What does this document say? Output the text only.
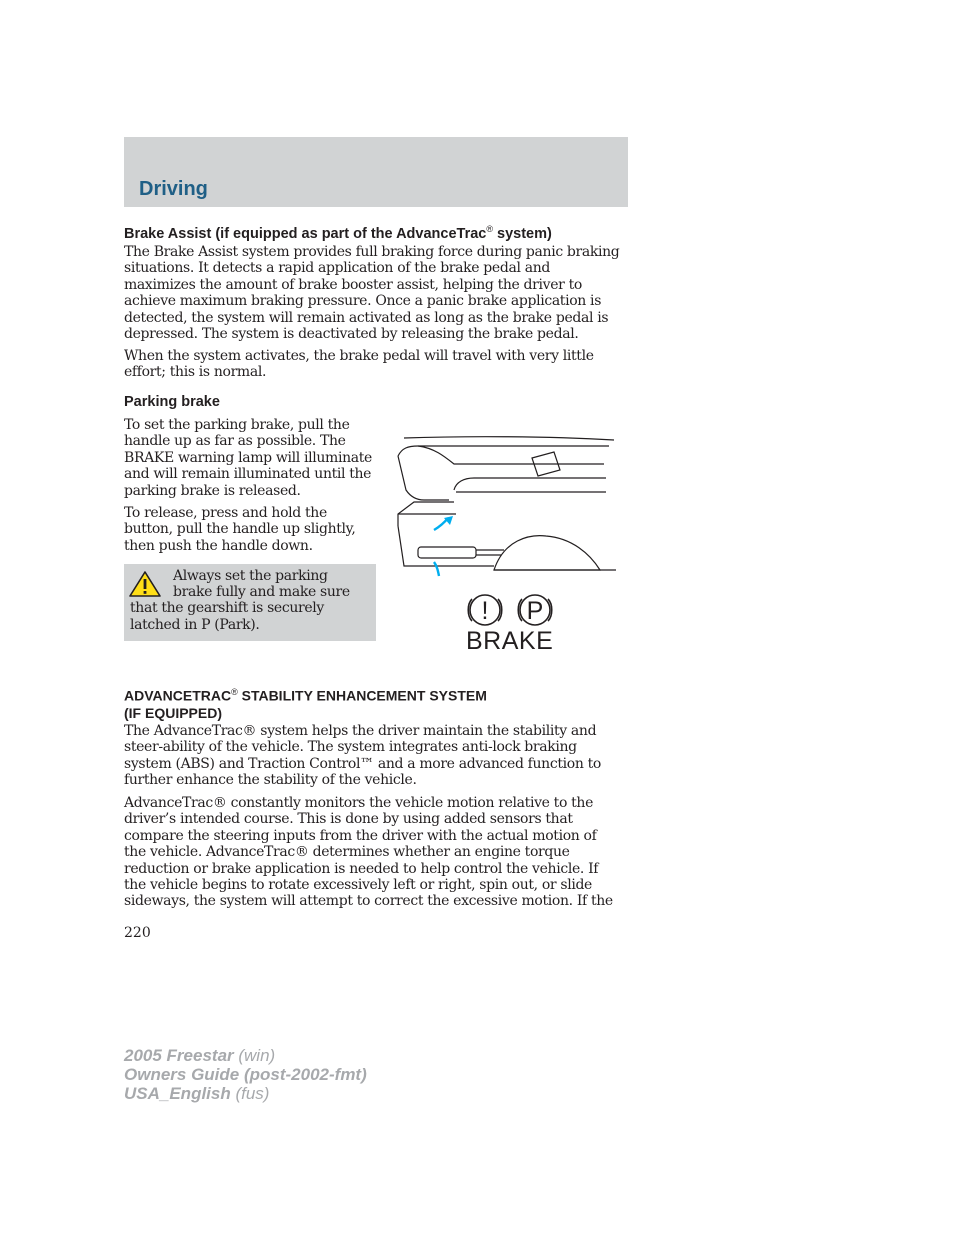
Driving
Brake Assist (if equipped as part of the AdvanceTrac® system)

The Brake Assist system provides full braking force during panic braking
situations. It detects a rapid application of the brake pedal and
maximizes the amount of brake booster assist, helping the driver to
achieve maximum braking pressure. Once a panic brake application is
detected, the system will remain activated as long as the brake pedal is
depressed. The system is deactivated by releasing the brake pedal.

When the system activates, the brake pedal will travel with very little
effort; this is normal.

Parking brake

To set the parking brake, pull the
handle up as far as possible. The
BRAKE warning lamp will illuminate
and will remain illuminated until the
parking brake is released.

To release, press and hold the
button, pull the handle up slightly,
then push the handle down.

Always set the parking
brake fully and make sure
that the gearshift is securely
latched in P (Park).	! P
BRAKE
ADVANCETRAC® STABILITY ENHANCEMENT SYSTEM
(IF EQUIPPED)

The AdvanceTrac® system helps the driver maintain the stability and
steer-ability of the vehicle. The system integrates anti-lock braking
system (ABS) and Traction Control™ and a more advanced function to
further enhance the stability of the vehicle.

AdvanceTrac® constantly monitors the vehicle motion relative to the
driver’s intended course. This is done by using added sensors that
compare the steering inputs from the driver with the actual motion of
the vehicle. AdvanceTrac® determines whether an engine torque
reduction or brake application is needed to help control the vehicle. If
the vehicle begins to rotate excessively left or right, spin out, or slide
sideways, the system will attempt to correct the excessive motion. If the

220
2005 Freestar (win)
Owners Guide (post-2002-fmt)
USA_English (fus)
